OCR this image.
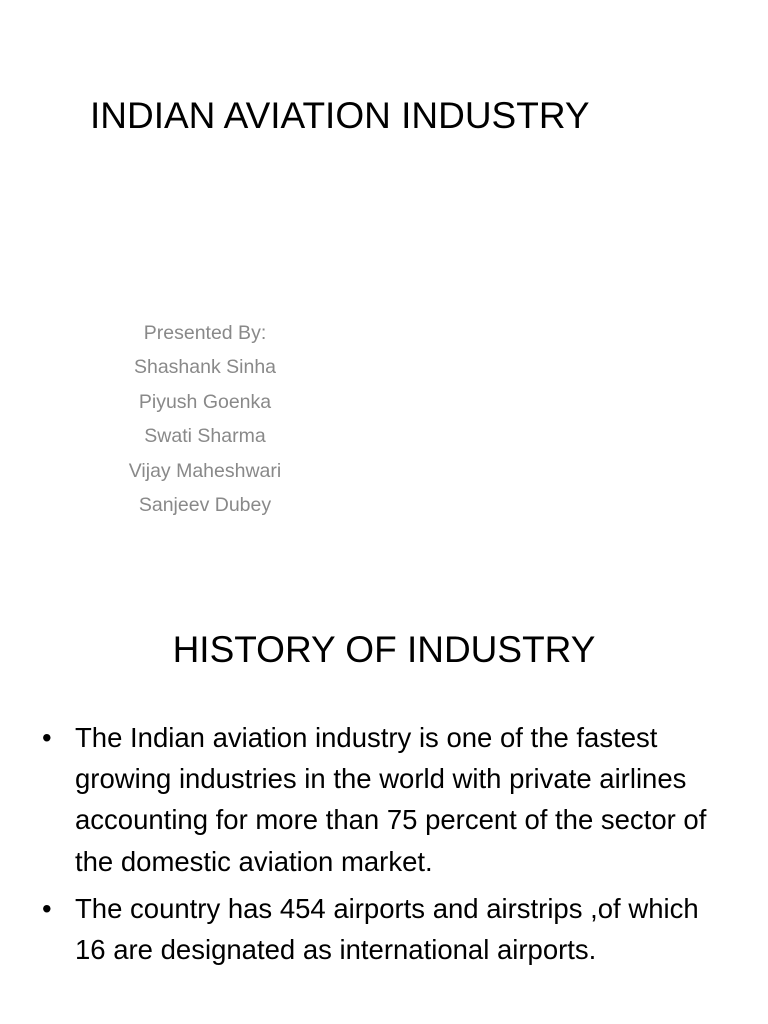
INDIAN AVIATION INDUSTRY
Presented By:
Shashank Sinha
Piyush Goenka
Swati Sharma
Vijay Maheshwari
Sanjeev Dubey
HISTORY OF INDUSTRY
• The Indian aviation industry is one of the fastest growing industries in the world with private airlines accounting for more than 75 percent of the sector of the domestic aviation market.
• The country has 454 airports and airstrips ,of which 16 are designated as international airports.
